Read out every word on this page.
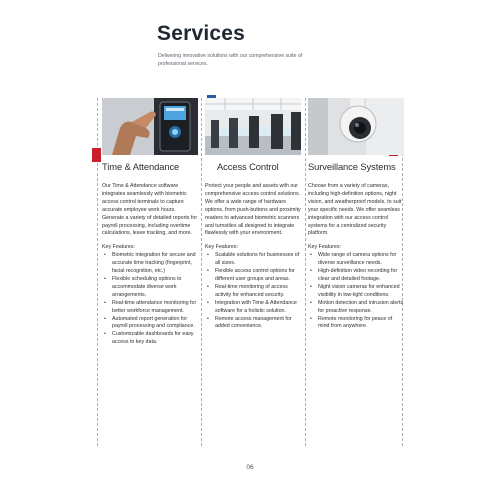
Services
Delivering innovative solutions with our comprehensive suite of professional services.
Time & Attendance
Our Time & Attendance software integrates seamlessly with biometric access control terminals to capture accurate employee work hours. Generate a variety of detailed reports for payroll processing, including overtime calculations, leave tracking, and more.
Key Features:
• Biometric integration for secure and accurate time tracking (fingerprint, facial recognition, etc.)
• Flexible scheduling options to accommodate diverse work arrangements.
• Real-time attendance monitoring for better workforce management.
• Automated report generation for payroll processing and compliance.
• Customizable dashboards for easy access to key data.
Access Control
Protect your people and assets with our comprehensive access control solutions. We offer a wide range of hardware options, from push-buttons and proximity readers to advanced biometric scanners and turnstiles all designed to integrate flawlessly with your environment.
Key Features:
• Scalable solutions for businesses of all sizes.
• Flexible access control options for different user groups and areas.
• Real-time monitoring of access activity for enhanced security.
• Integration with Time & Attendance software for a holistic solution.
• Remote access management for added convenience.
Surveillance Systems
Choose from a variety of cameras, including high-definition options, night vision, and weatherproof models, to suit your specific needs. We offer seamless integration with our access control systems for a centralized security platform.
Key Features:
• Wide range of camera options for diverse surveillance needs.
• High-definition video recording for clear and detailed footage.
• Night vision cameras for enhanced visibility in low-light conditions.
• Motion detection and intrusion alerts for proactive response.
• Remote monitoring for peace of mind from anywhere.
06
